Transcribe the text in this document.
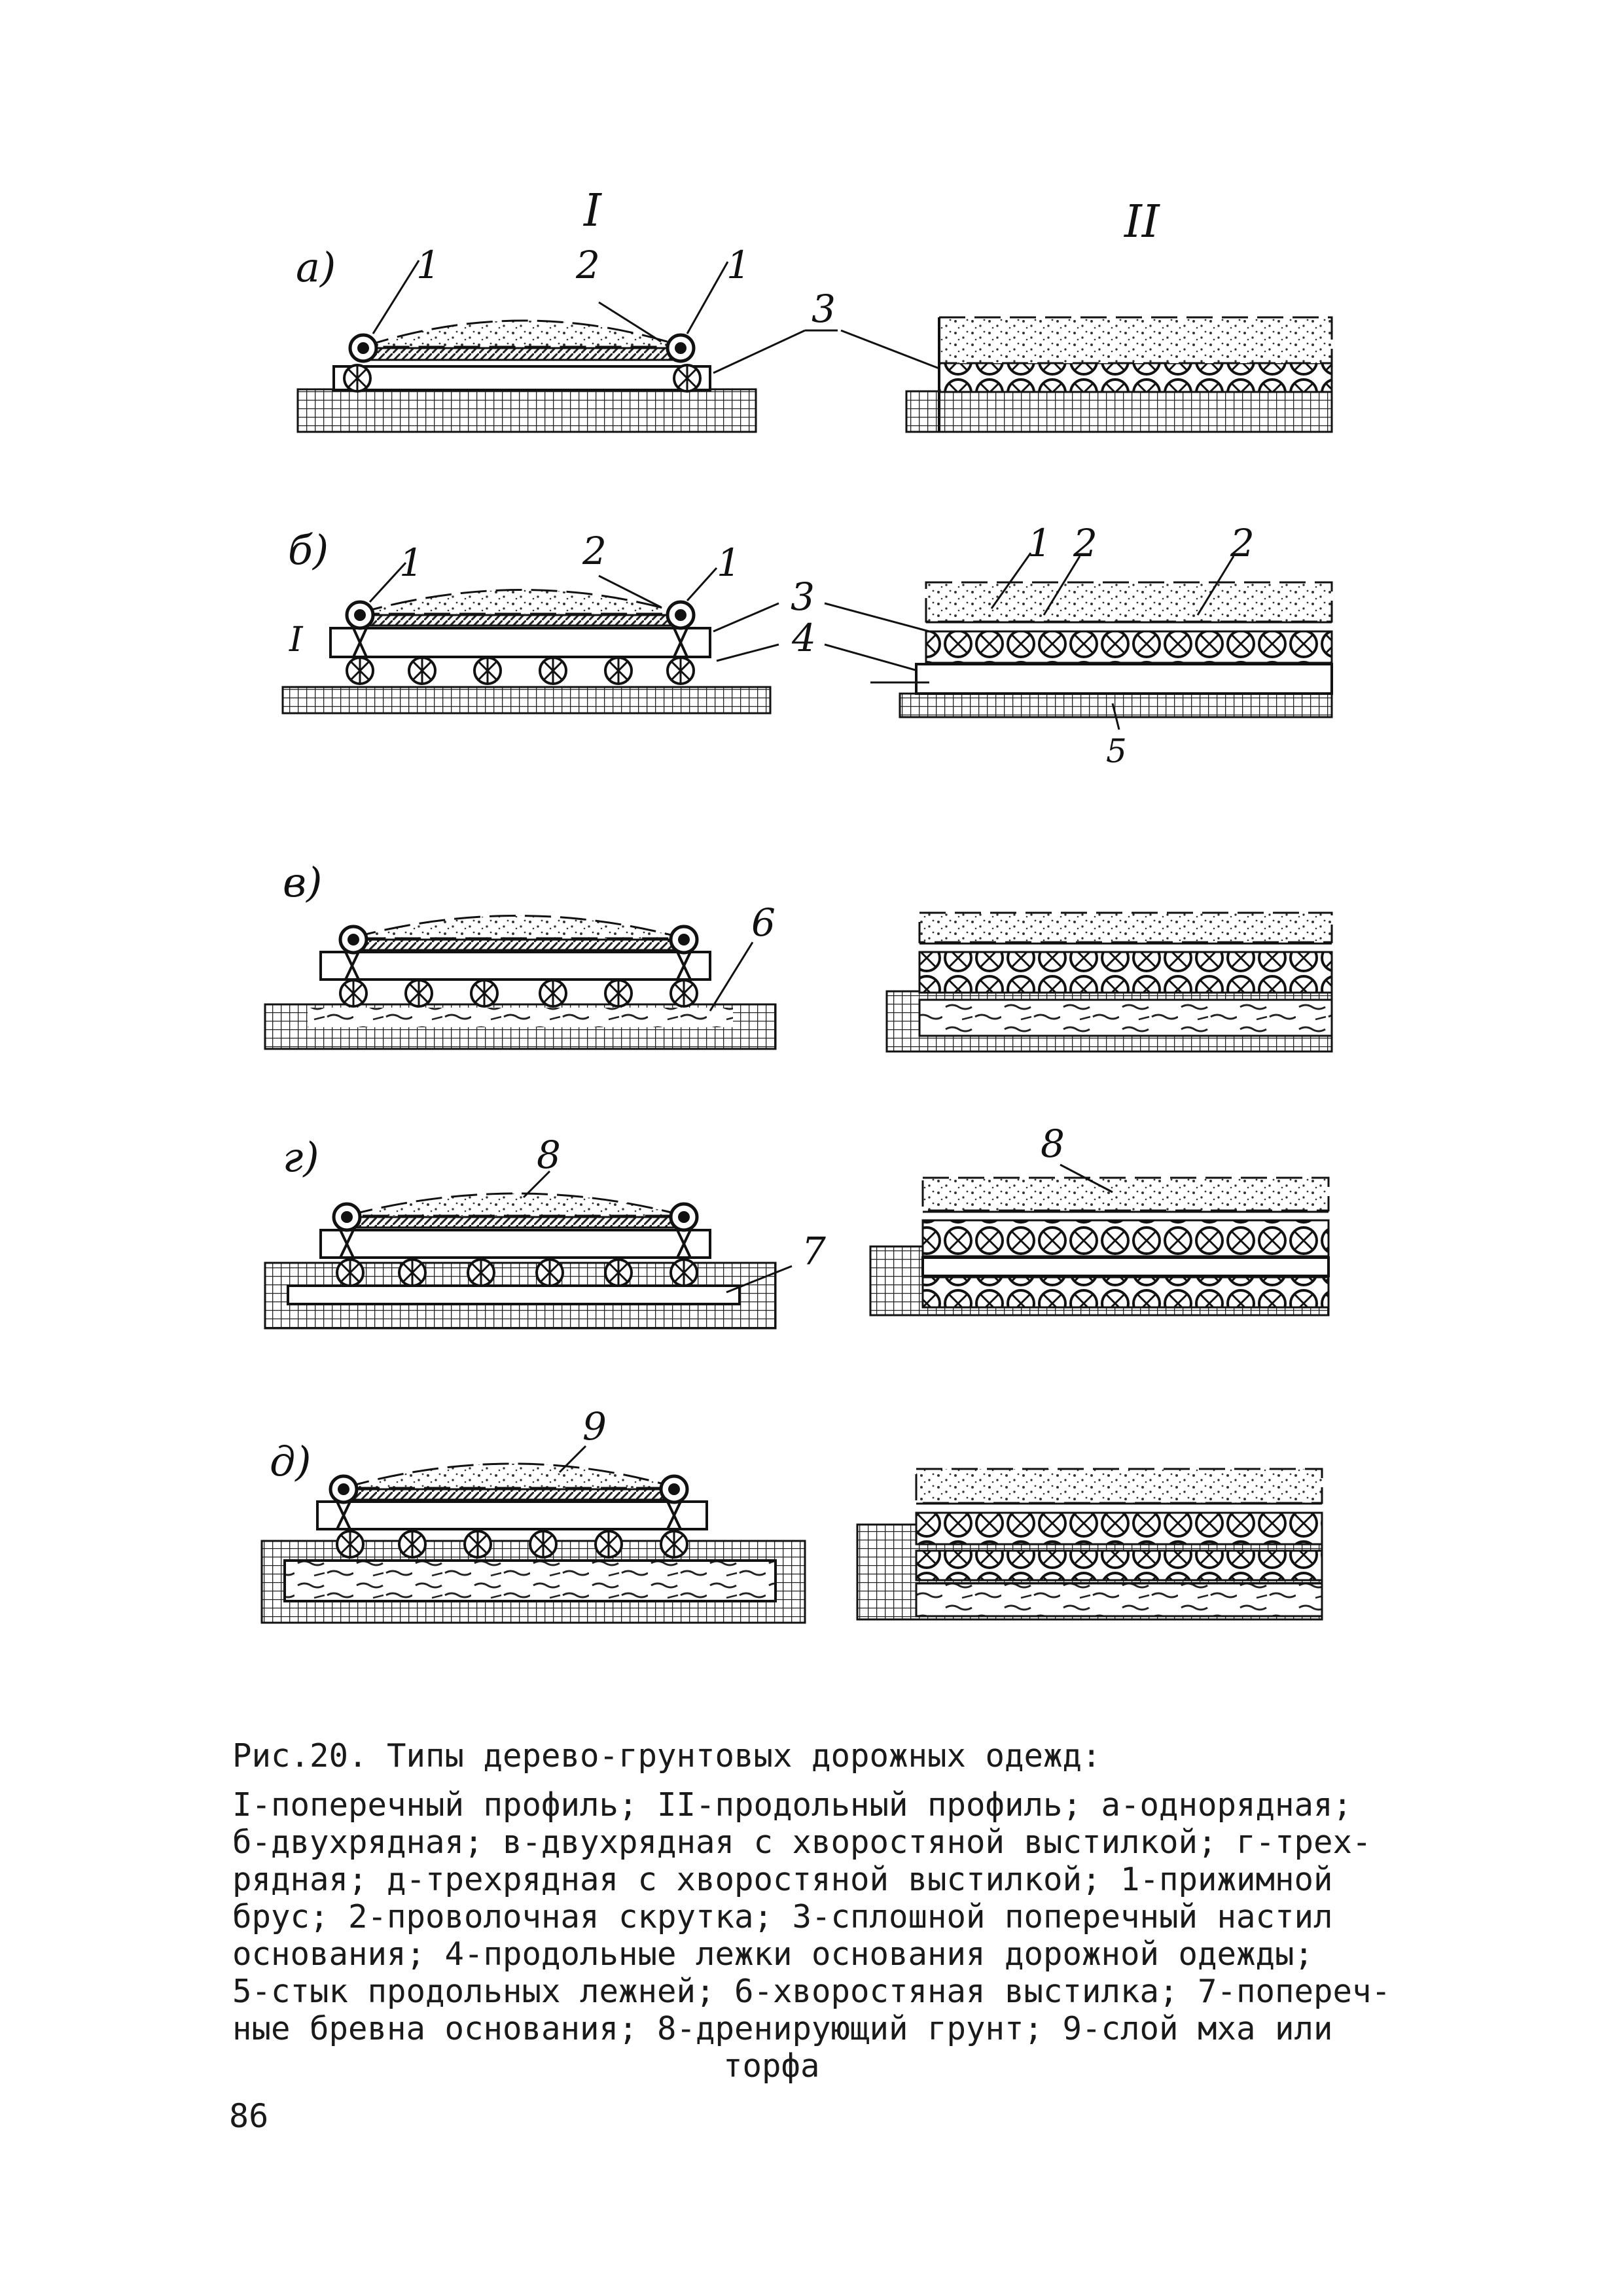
I	II
а) 1	2	1
3
б)
I
1	2	1
3
4
1 2	2
5
в)
6
г)	8
7
8
д)
9

Рис.20. Типы дерево-грунтовых дорожных одежд:

I-поперечный профиль; II-продольный профиль; а-однорядная;

б-двухрядная; в-двухрядная с хворостяной выстилкой; г-трех-

рядная; д-трехрядная с хворостяной выстилкой; 1-прижимной

брус; 2-проволочная скрутка; 3-сплошной поперечный настил

основания; 4-продольные лежки основания дорожной одежды;

5-стык продольных лежней; 6-хворостяная выстилка; 7-попереч-

ные бревна основания; 8-дренирующий грунт; 9-слой мха или

торфа

86
